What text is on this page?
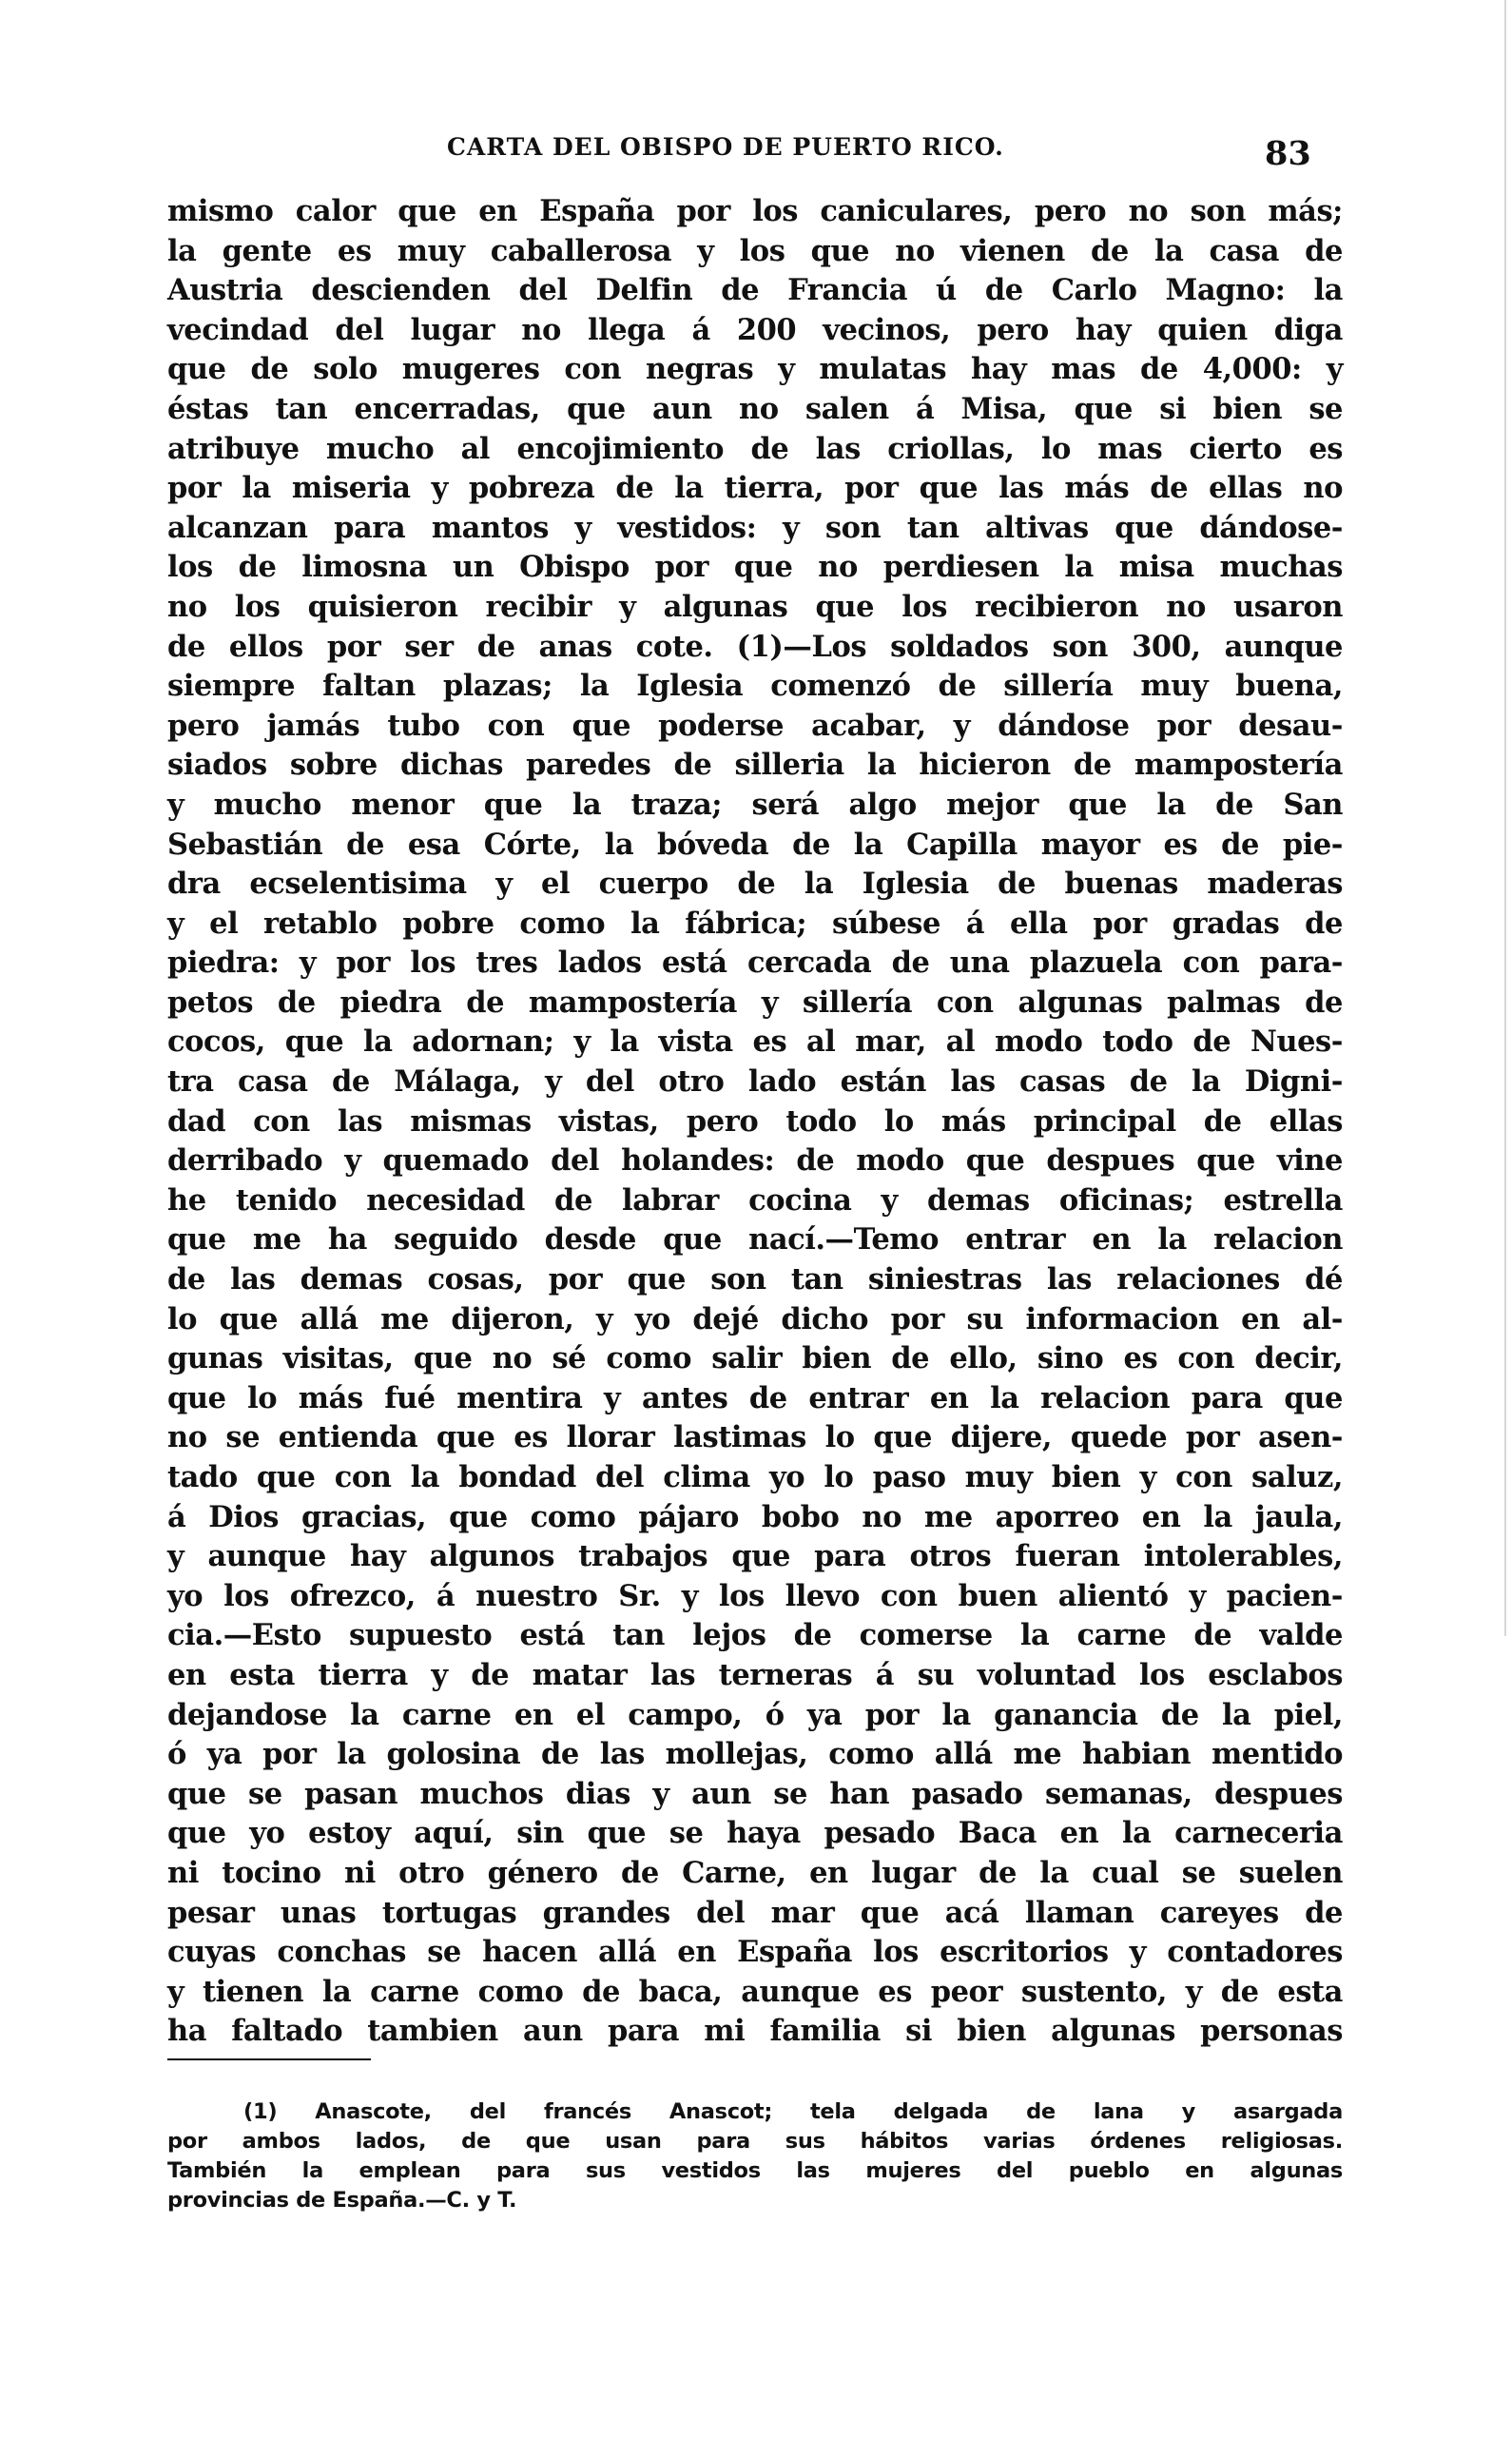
CARTA DEL OBISPO DE PUERTO RICO.	83
mismo calor que en España por los caniculares, pero no son más;
la gente es muy caballerosa y los que no vienen de la casa de
Austria descienden del Delfin de Francia ú de Carlo Magno: la
vecindad del lugar no llega á 200 vecinos, pero hay quien diga
que de solo mugeres con negras y mulatas hay mas de 4,000: y
éstas tan encerradas, que aun no salen á Misa, que si bien se
atribuye mucho al encojimiento de las criollas, lo mas cierto es
por la miseria y pobreza de la tierra, por que las más de ellas no
alcanzan para mantos y vestidos: y son tan altivas que dándose-
los de limosna un Obispo por que no perdiesen la misa muchas
no los quisieron recibir y algunas que los recibieron no usaron
de ellos por ser de anas cote. (1)—Los soldados son 300, aunque
siempre faltan plazas; la Iglesia comenzó de sillería muy buena,
pero jamás tubo con que poderse acabar, y dándose por desau-
siados sobre dichas paredes de silleria la hicieron de mampostería
y mucho menor que la traza; será algo mejor que la de San
Sebastián de esa Córte, la bóveda de la Capilla mayor es de pie-
dra ecselentisima y el cuerpo de la Iglesia de buenas maderas
y el retablo pobre como la fábrica; súbese á ella por gradas de
piedra: y por los tres lados está cercada de una plazuela con para-
petos de piedra de mampostería y sillería con algunas palmas de
cocos, que la adornan; y la vista es al mar, al modo todo de Nues-
tra casa de Málaga, y del otro lado están las casas de la Digni-
dad con las mismas vistas, pero todo lo más principal de ellas
derribado y quemado del holandes: de modo que despues que vine
he tenido necesidad de labrar cocina y demas oficinas; estrella
que me ha seguido desde que nací.—Temo entrar en la relacion
de las demas cosas, por que son tan siniestras las relaciones dé
lo que allá me dijeron, y yo dejé dicho por su informacion en al-
gunas visitas, que no sé como salir bien de ello, sino es con decir,
que lo más fué mentira y antes de entrar en la relacion para que
no se entienda que es llorar lastimas lo que dijere, quede por asen-
tado que con la bondad del clima yo lo paso muy bien y con saluz,
á Dios gracias, que como pájaro bobo no me aporreo en la jaula,
y aunque hay algunos trabajos que para otros fueran intolerables,
yo los ofrezco, á nuestro Sr. y los llevo con buen alientó y pacien-
cia.—Esto supuesto está tan lejos de comerse la carne de valde
en esta tierra y de matar las terneras á su voluntad los esclabos
dejandose la carne en el campo, ó ya por la ganancia de la piel,
ó ya por la golosina de las mollejas, como allá me habian mentido
que se pasan muchos dias y aun se han pasado semanas, despues
que yo estoy aquí, sin que se haya pesado Baca en la carneceria
ni tocino ni otro género de Carne, en lugar de la cual se suelen
pesar unas tortugas grandes del mar que acá llaman careyes de
cuyas conchas se hacen allá en España los escritorios y contadores
y tienen la carne como de baca, aunque es peor sustento, y de esta
ha faltado tambien aun para mi familia si bien algunas personas
(1) Anascote, del francés Anascot; tela delgada de lana y asargada
por ambos lados, de que usan para sus hábitos varias órdenes religiosas.
También la emplean para sus vestidos las mujeres del pueblo en algunas
provincias de España.—C. y T.
